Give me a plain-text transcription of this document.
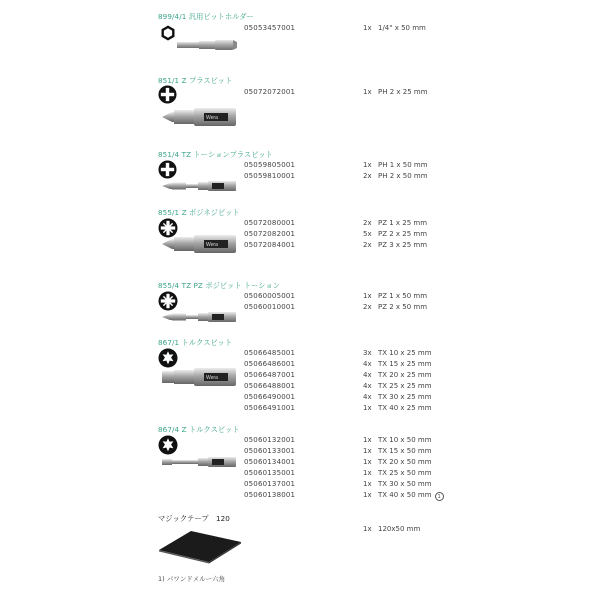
899/4/1 汎用ビットホルダー
05053457001	1x 1/4" x 50 mm
851/1 Z プラスビット
05072072001	1x PH 2 x 25 mm
Wera
851/4 TZ トーションプラスビット
05059805001	1x PH 1 x 50 mm
05059810001	2x PH 2 x 50 mm
855/1 Z ポジネジビット
05072080001	2x PZ 1 x 25 mm
05072082001	5x PZ 2 x 25 mm
05072084001	2x PZ 3 x 25 mm
Wera
855/4 TZ PZ ポジビット トーション
05060005001	1x PZ 1 x 50 mm
05060010001	2x PZ 2 x 50 mm
867/1 トルクスビット
05066485001	3x TX 10 x 25 mm
05066486001	4x TX 15 x 25 mm
05066487001	4x TX 20 x 25 mm
05066488001	4x TX 25 x 25 mm
05066490001	4x TX 30 x 25 mm
05066491001	1x TX 40 x 25 mm
Wera
867/4 Z トルクスビット
05060132001	1x TX 10 x 50 mm
05060133001	1x TX 15 x 50 mm
05060134001	1x TX 20 x 50 mm
05060135001	1x TX 25 x 50 mm
05060137001	1x TX 30 x 50 mm
05060138001	1x TX 40 x 50 mm 1
マジックテープ　120
1x 120x50 mm
1) パワンドメルー六角
